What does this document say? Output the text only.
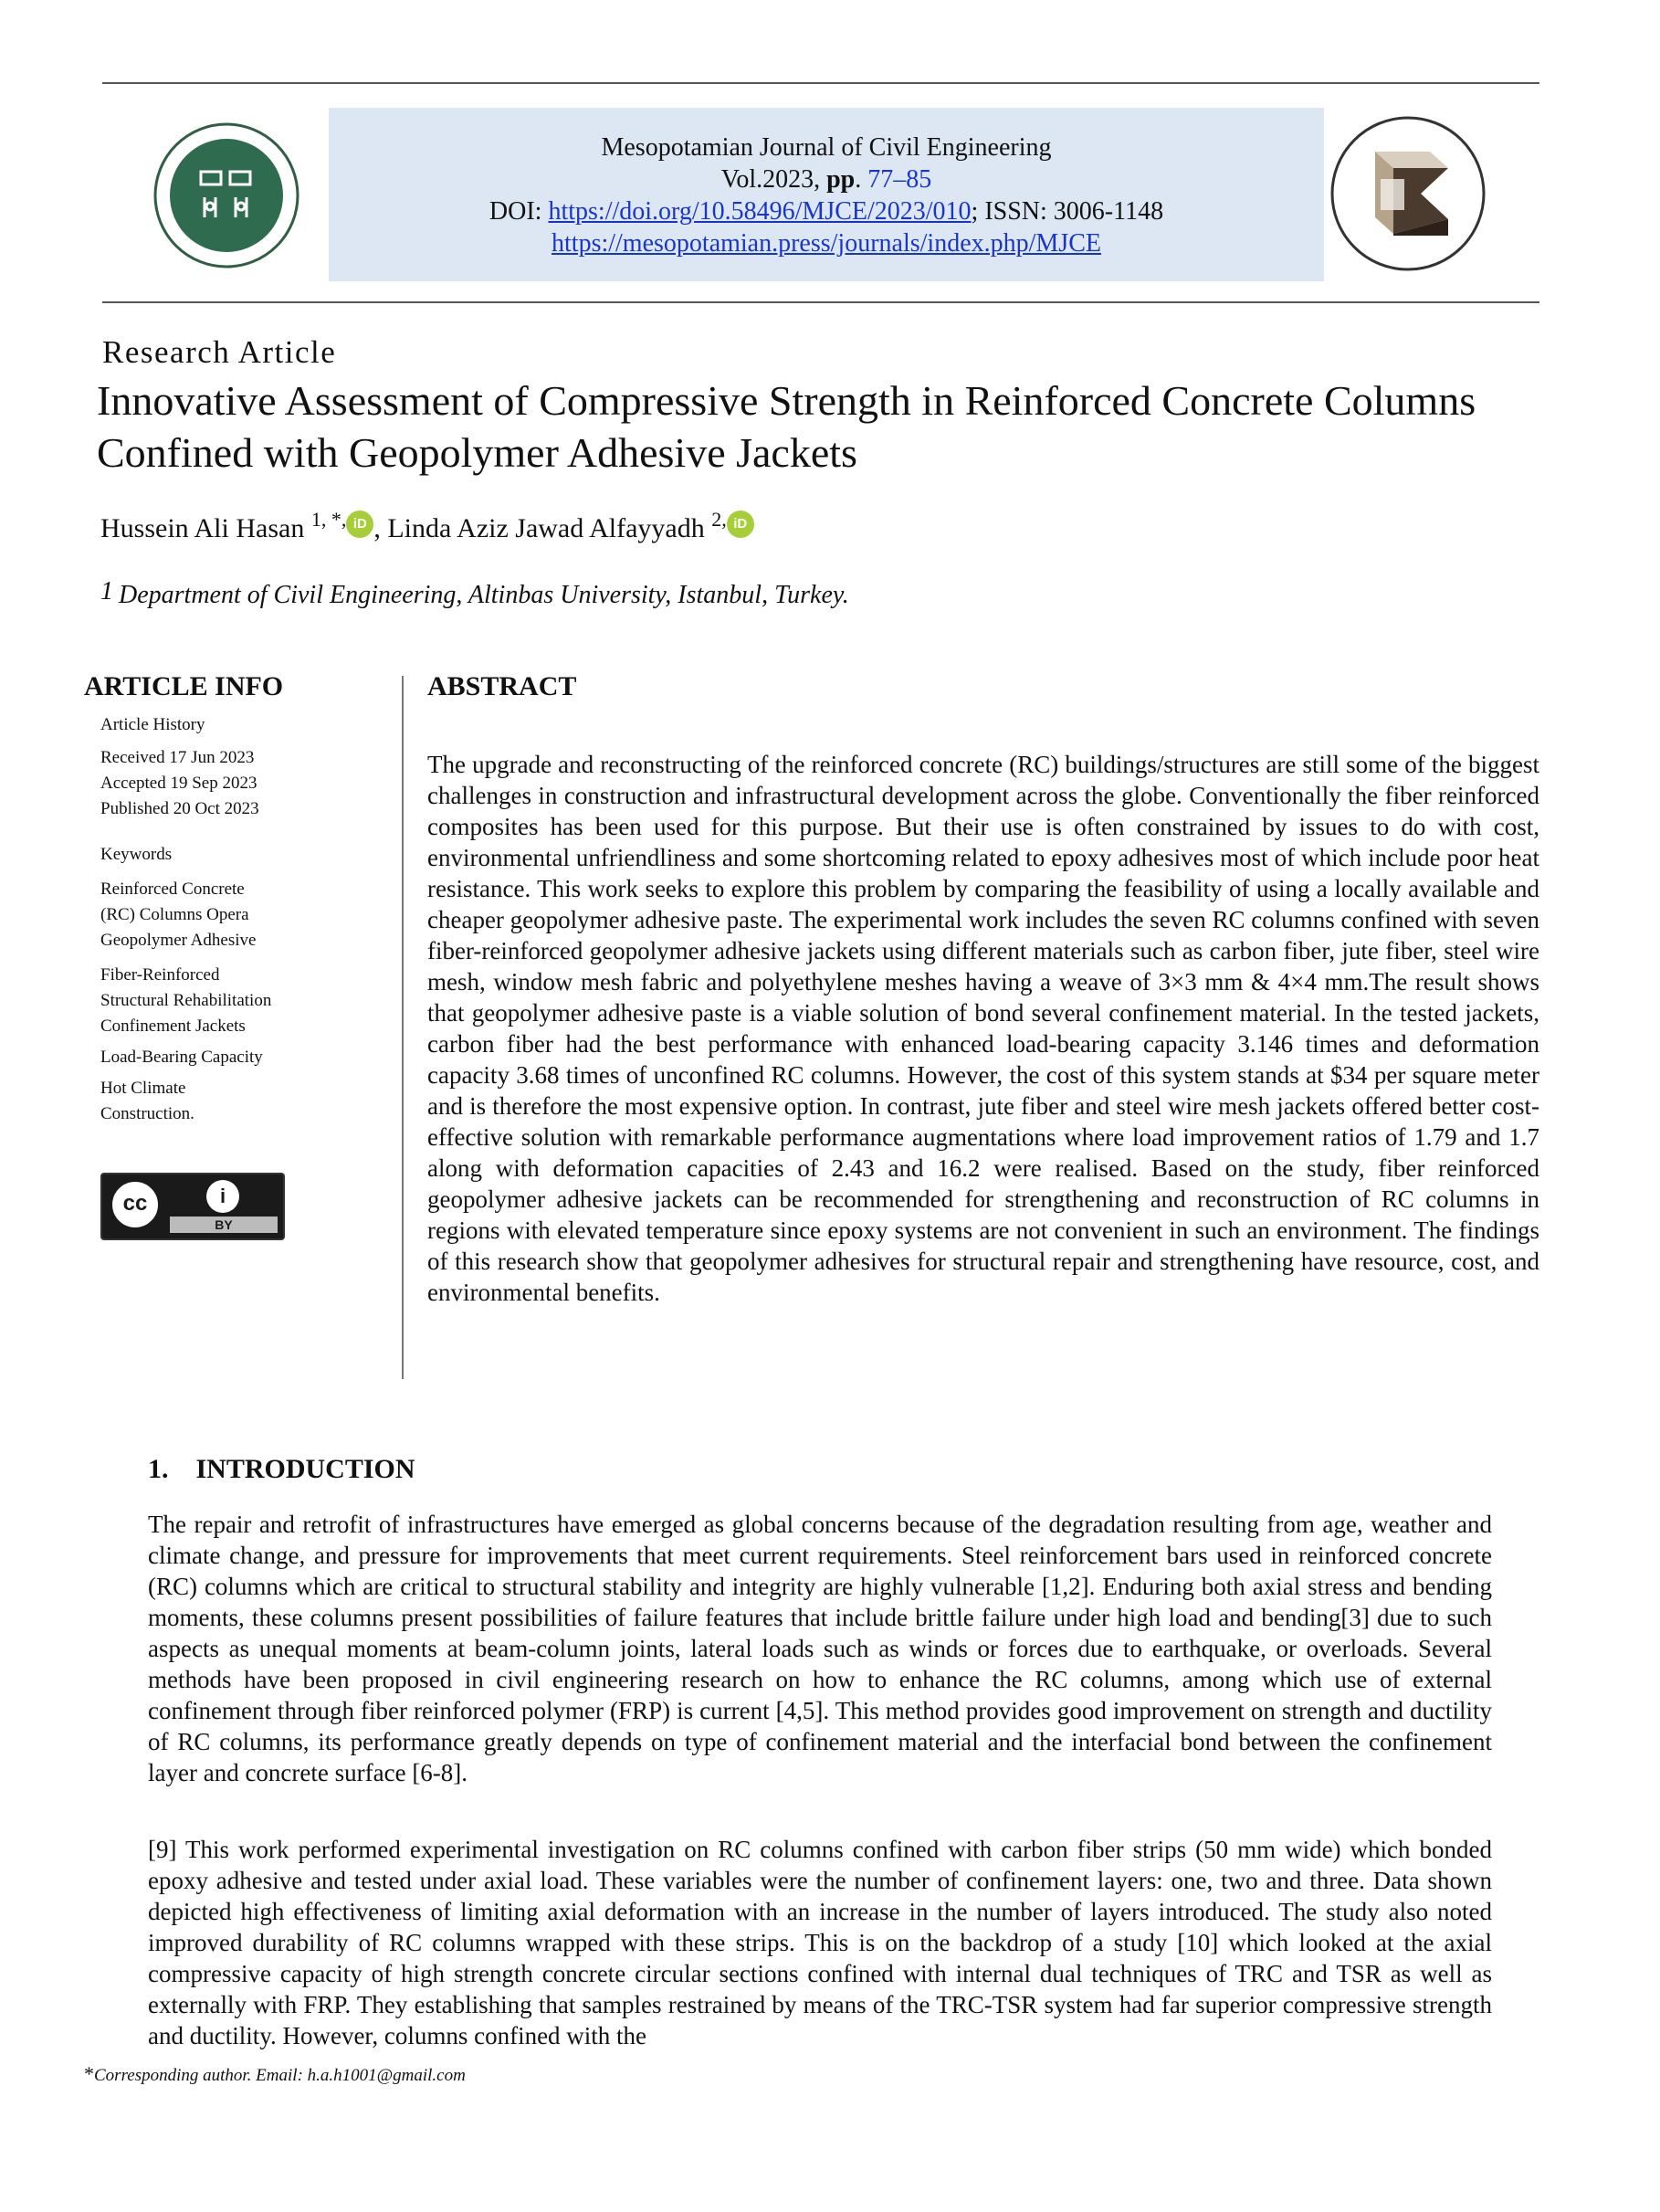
Mesopotamian Journal of Civil Engineering
Vol.2023, pp. 77–85
DOI: https://doi.org/10.58496/MJCE/2023/010; ISSN: 3006-1148
https://mesopotamian.press/journals/index.php/MJCE
Research Article
Innovative Assessment of Compressive Strength in Reinforced Concrete Columns Confined with Geopolymer Adhesive Jackets
Hussein Ali Hasan $^{1, *,}$ iD , Linda Aziz Jawad Alfayyadh $^{2,}$ iD
$^1$ Department of Civil Engineering, Altinbas University, Istanbul, Turkey.
ARTICLE INFO
Article History
Received 17 Jun 2023
Accepted 19 Sep 2023
Published 20 Oct 2023
Keywords
Reinforced Concrete
(RC) Columns Opera
Geopolymer Adhesive
Fiber-Reinforced
Structural Rehabilitation
Confinement Jackets
Load-Bearing Capacity
Hot Climate
Construction.
cc	i
BY
ABSTRACT
The upgrade and reconstructing of the reinforced concrete (RC) buildings/structures are still some of the biggest challenges in construction and infrastructural development across the globe. Conventionally the fiber reinforced composites has been used for this purpose. But their use is often constrained by issues to do with cost, environmental unfriendliness and some shortcoming related to epoxy adhesives most of which include poor heat resistance. This work seeks to explore this problem by comparing the feasibility of using a locally available and cheaper geopolymer adhesive paste. The experimental work includes the seven RC columns confined with seven fiber-reinforced geopolymer adhesive jackets using different materials such as carbon fiber, jute fiber, steel wire mesh, window mesh fabric and polyethylene meshes having a weave of 3×3 mm & 4×4 mm.The result shows that geopolymer adhesive paste is a viable solution of bond several confinement material. In the tested jackets, carbon fiber had the best performance with enhanced load-bearing capacity 3.146 times and deformation capacity 3.68 times of unconfined RC columns. However, the cost of this system stands at $34 per square meter and is therefore the most expensive option. In contrast, jute fiber and steel wire mesh jackets offered better cost-effective solution with remarkable performance augmentations where load improvement ratios of 1.79 and 1.7 along with deformation capacities of 2.43 and 16.2 were realised. Based on the study, fiber reinforced geopolymer adhesive jackets can be recommended for strengthening and reconstruction of RC columns in regions with elevated temperature since epoxy systems are not convenient in such an environment. The findings of this research show that geopolymer adhesives for structural repair and strengthening have resource, cost, and environmental benefits.
1.    INTRODUCTION
The repair and retrofit of infrastructures have emerged as global concerns because of the degradation resulting from age, weather and climate change, and pressure for improvements that meet current requirements. Steel reinforcement bars used in reinforced concrete (RC) columns which are critical to structural stability and integrity are highly vulnerable [1,2]. Enduring both axial stress and bending moments, these columns present possibilities of failure features that include brittle failure under high load and bending[3] due to such aspects as unequal moments at beam-column joints, lateral loads such as winds or forces due to earthquake, or overloads. Several methods have been proposed in civil engineering research on how to enhance the RC columns, among which use of external confinement through fiber reinforced polymer (FRP) is current [4,5]. This method provides good improvement on strength and ductility of RC columns, its performance greatly depends on type of confinement material and the interfacial bond between the confinement layer and concrete surface [6-8].
[9] This work performed experimental investigation on RC columns confined with carbon fiber strips (50 mm wide) which bonded epoxy adhesive and tested under axial load. These variables were the number of confinement layers: one, two and three. Data shown depicted high effectiveness of limiting axial deformation with an increase in the number of layers introduced. The study also noted improved durability of RC columns wrapped with these strips. This is on the backdrop of a study [10] which looked at the axial compressive capacity of high strength concrete circular sections confined with internal dual techniques of TRC and TSR as well as externally with FRP. They establishing that samples restrained by means of the TRC-TSR system had far superior compressive strength and ductility. However, columns confined with the
*Corresponding author. Email: h.a.h1001@gmail.com
